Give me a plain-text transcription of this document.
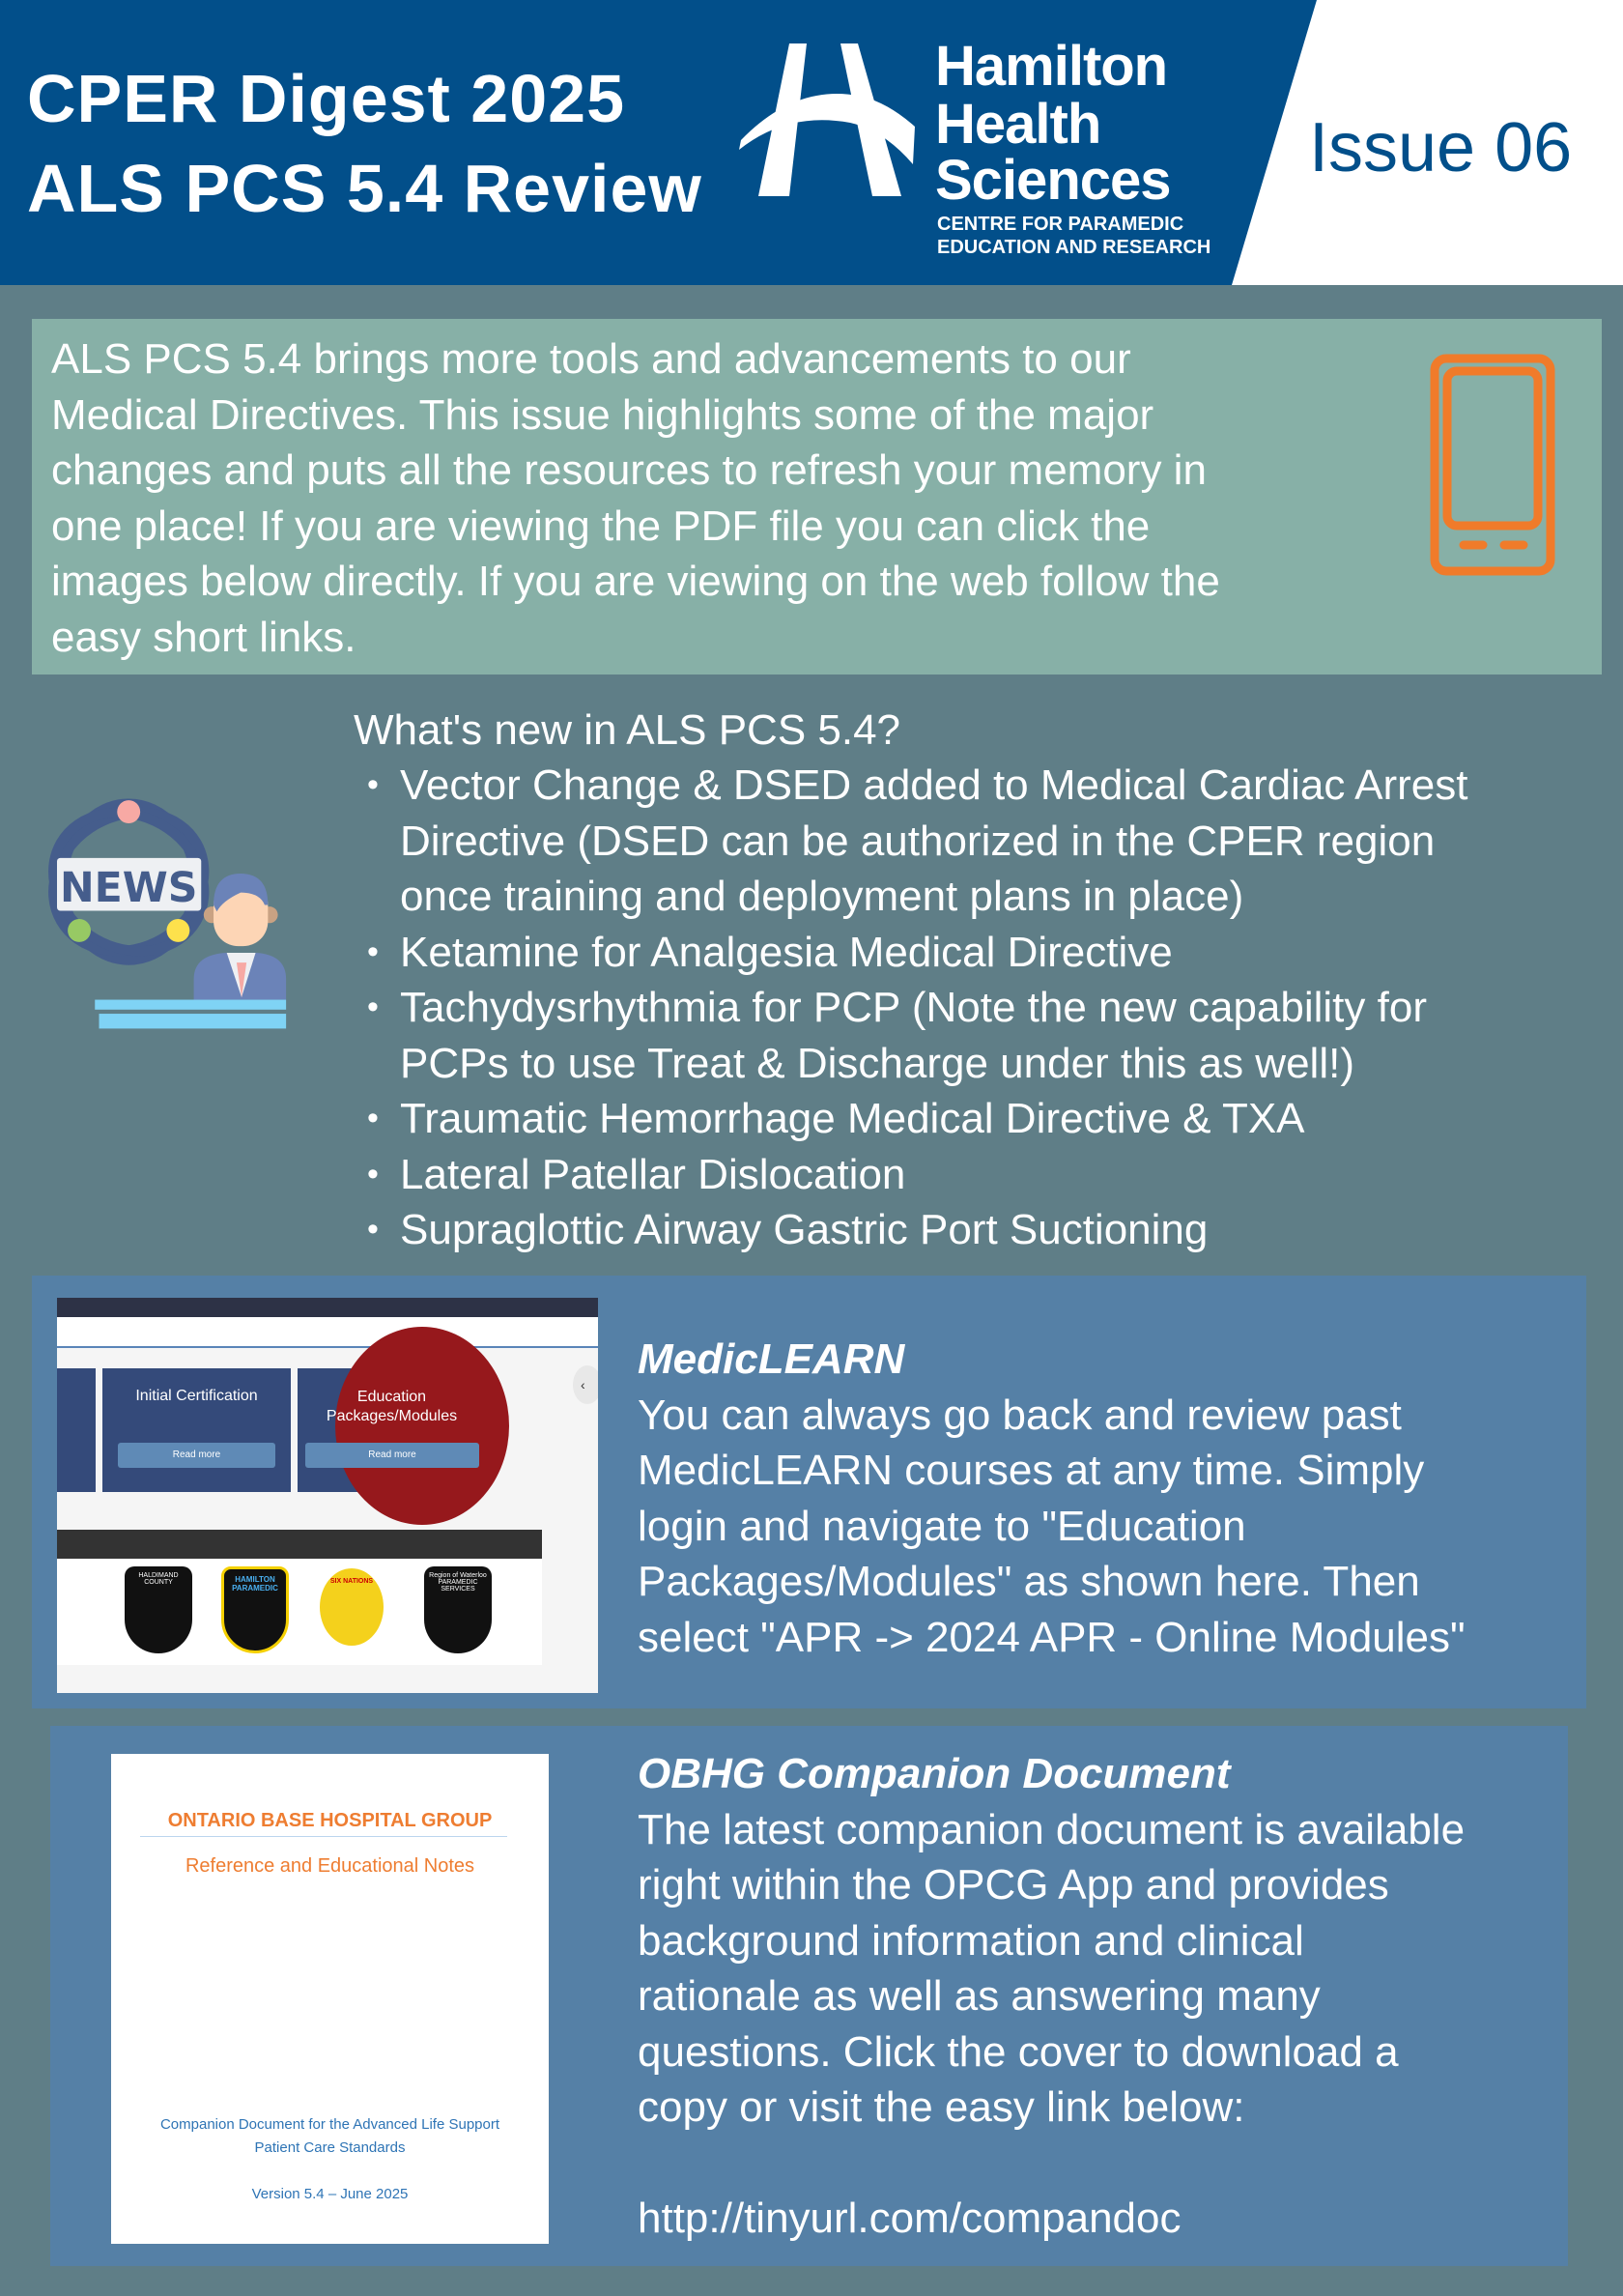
CPER Digest 2025
ALS PCS 5.4 Review
Hamilton
Health
Sciences
CENTRE FOR PARAMEDIC
EDUCATION AND RESEARCH
Issue 06
ALS PCS 5.4 brings more tools and advancements to our
Medical Directives. This issue highlights some of the major
changes and puts all the resources to refresh your memory in
one place! If you are viewing the PDF file you can click the
images below directly. If you are viewing on the web follow the
easy short links.
NEWS
What's new in ALS PCS 5.4?
• Vector Change & DSED added to Medical Cardiac Arrest
Directive (DSED can be authorized in the CPER region
once training and deployment plans in place)
• Ketamine for Analgesia Medical Directive
• Tachydysrhythmia for PCP (Note the new capability for
PCPs to use Treat & Discharge under this as well!)
• Traumatic Hemorrhage Medical Directive & TXA
• Lateral Patellar Dislocation
• Supraglottic Airway Gastric Port Suctioning
Initial Certification
Read more
Education
Packages/Modules
Read more
‹
HALDIMAND COUNTY	HAMILTON PARAMEDIC
SIX NATIONS
Region of Waterloo PARAMEDIC SERVICES
MedicLEARN
You can always go back and review past
MedicLEARN courses at any time. Simply
login and navigate to "Education
Packages/Modules" as shown here. Then
select "APR -> 2024 APR - Online Modules"
ONTARIO BASE HOSPITAL GROUP
Reference and Educational Notes
Companion Document for the Advanced Life Support
Patient Care Standards
Version 5.4 – June 2025
OBHG Companion Document
The latest companion document is available
right within the OPCG App and provides
background information and clinical
rationale as well as answering many
questions. Click the cover to download a
copy or visit the easy link below:
http://tinyurl.com/compandoc
